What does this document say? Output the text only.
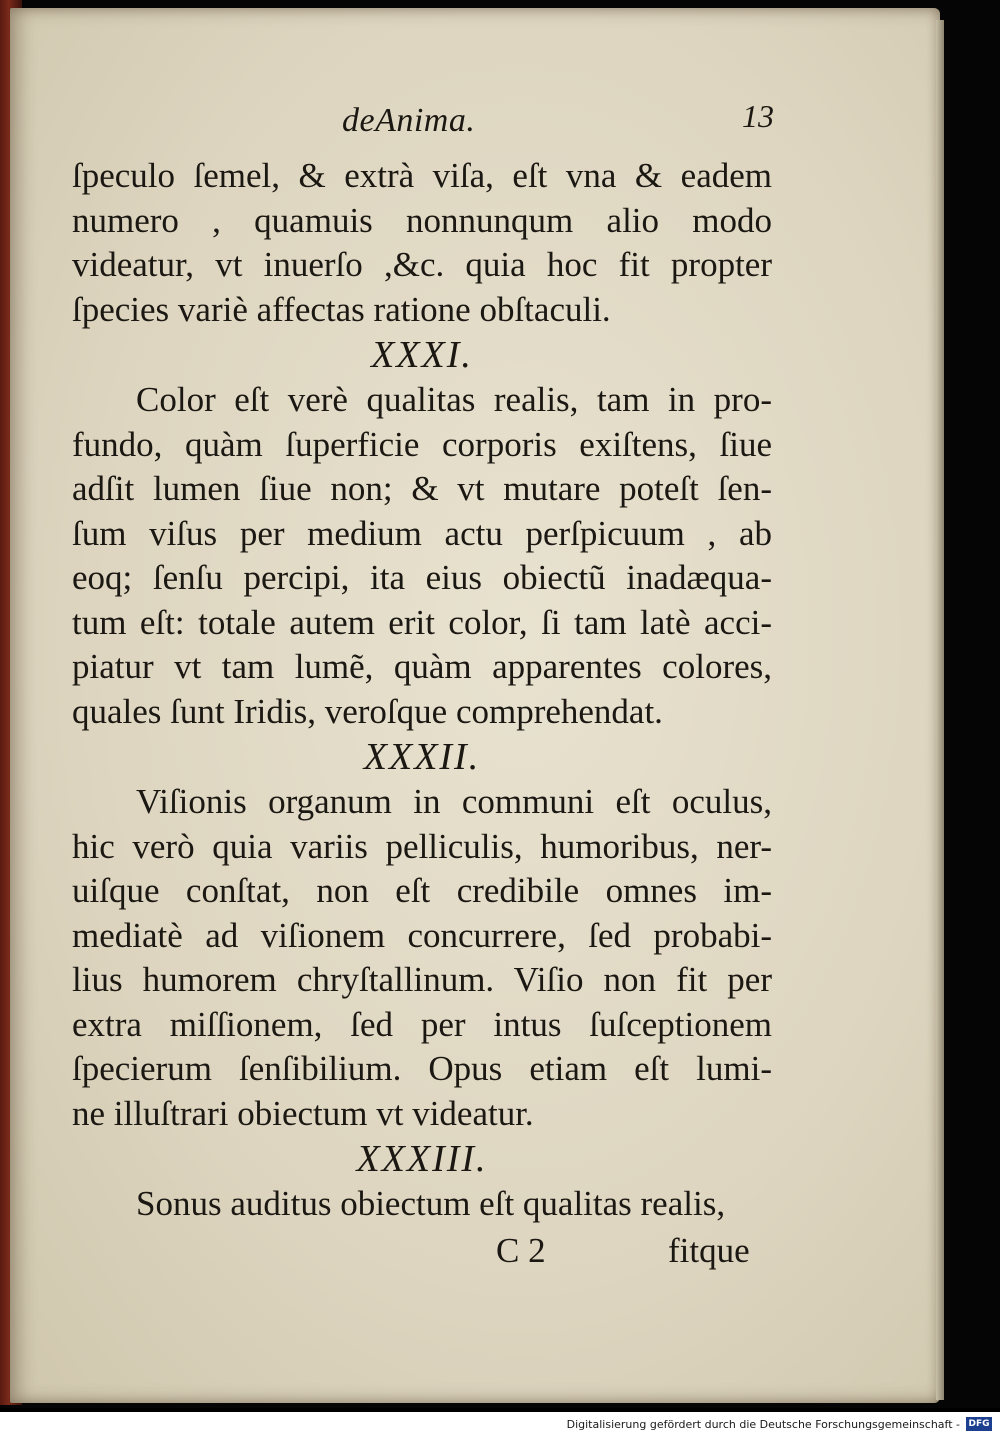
deAnima.	13
ſpeculo ſemel, & extrà viſa, eſt vna & eadem
numero , quamuis nonnunqum alio modo
videatur, vt inuerſo ,&c. quia hoc fit propter
ſpecies variè affectas ratione obſtaculi.
XXXI.
Color eſt verè qualitas realis, tam in pro-
fundo, quàm ſuperficie corporis exiſtens, ſiue
adſit lumen ſiue non; & vt mutare poteſt ſen-
ſum viſus per medium actu perſpicuum , ab
eoq; ſenſu percipi, ita eius obiectũ inadæqua-
tum eſt: totale autem erit color, ſi tam latè acci-
piatur vt tam lumẽ, quàm apparentes colores,
quales ſunt Iridis, veroſque comprehendat.
XXXII.
Viſionis organum in communi eſt oculus,
hic verò quia variis pelliculis, humoribus, ner-
uiſque conſtat, non eſt credibile omnes im-
mediatè ad viſionem concurrere, ſed probabi-
lius humorem chryſtallinum. Viſio non fit per
extra miſſionem, ſed per intus ſuſceptionem
ſpecierum ſenſibilium. Opus etiam eſt lumi-
ne illuſtrari obiectum vt videatur.
XXXIII.
Sonus auditus obiectum eſt qualitas realis,
C 2	fitque
Digitalisierung gefördert durch die Deutsche Forschungsgemeinschaft - DFG
